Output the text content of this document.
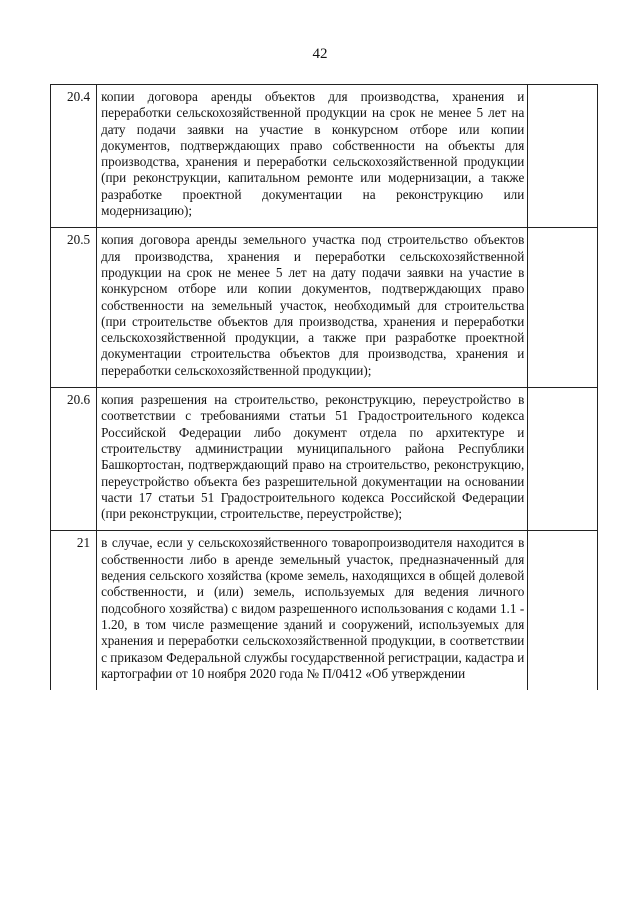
42
20.4	копии договора аренды объектов для производства, хранения и переработки сельскохозяйственной продукции на срок не менее 5 лет на дату подачи заявки на участие в конкурсном отборе или копии документов, подтверждающих право собственности на объекты для производства, хранения и переработки сельскохозяйственной продукции (при реконструкции, капитальном ремонте или модернизации, а также разработке проектной документации на реконструкцию или модернизацию);	
20.5	копия договора аренды земельного участка под строительство объектов для производства, хранения и переработки сельскохозяйственной продукции на срок не менее 5 лет на дату подачи заявки на участие в конкурсном отборе или копии документов, подтверждающих право собственности на земельный участок, необходимый для строительства (при строительстве объектов для производства, хранения и переработки сельскохозяйственной продукции, а также при разработке проектной документации строительства объектов для производства, хранения и переработки сельскохозяйственной продукции);	
20.6	копия разрешения на строительство, реконструкцию, переустройство в соответствии с требованиями статьи 51 Градостроительного кодекса Российской Федерации либо документ отдела по архитектуре и строительству администрации муниципального района Республики Башкортостан, подтверждающий право на строительство, реконструкцию, переустройство объекта без разрешительной документации на основании части 17 статьи 51 Градостроительного кодекса Российской Федерации (при реконструкции, строительстве, переустройстве);	
21	в случае, если у сельскохозяйственного товаропроизводителя находится в собственности либо в аренде земельный участок, предназначенный для ведения сельского хозяйства (кроме земель, находящихся в общей долевой собственности, и (или) земель, используемых для ведения личного подсобного хозяйства) с видом разрешенного использования с кодами 1.1 - 1.20, в том числе размещение зданий и сооружений, используемых для хранения и переработки сельскохозяйственной продукции, в соответствии с приказом Федеральной службы государственной регистрации, кадастра и картографии от 10 ноября 2020 года № П/0412 «Об утверждении	
